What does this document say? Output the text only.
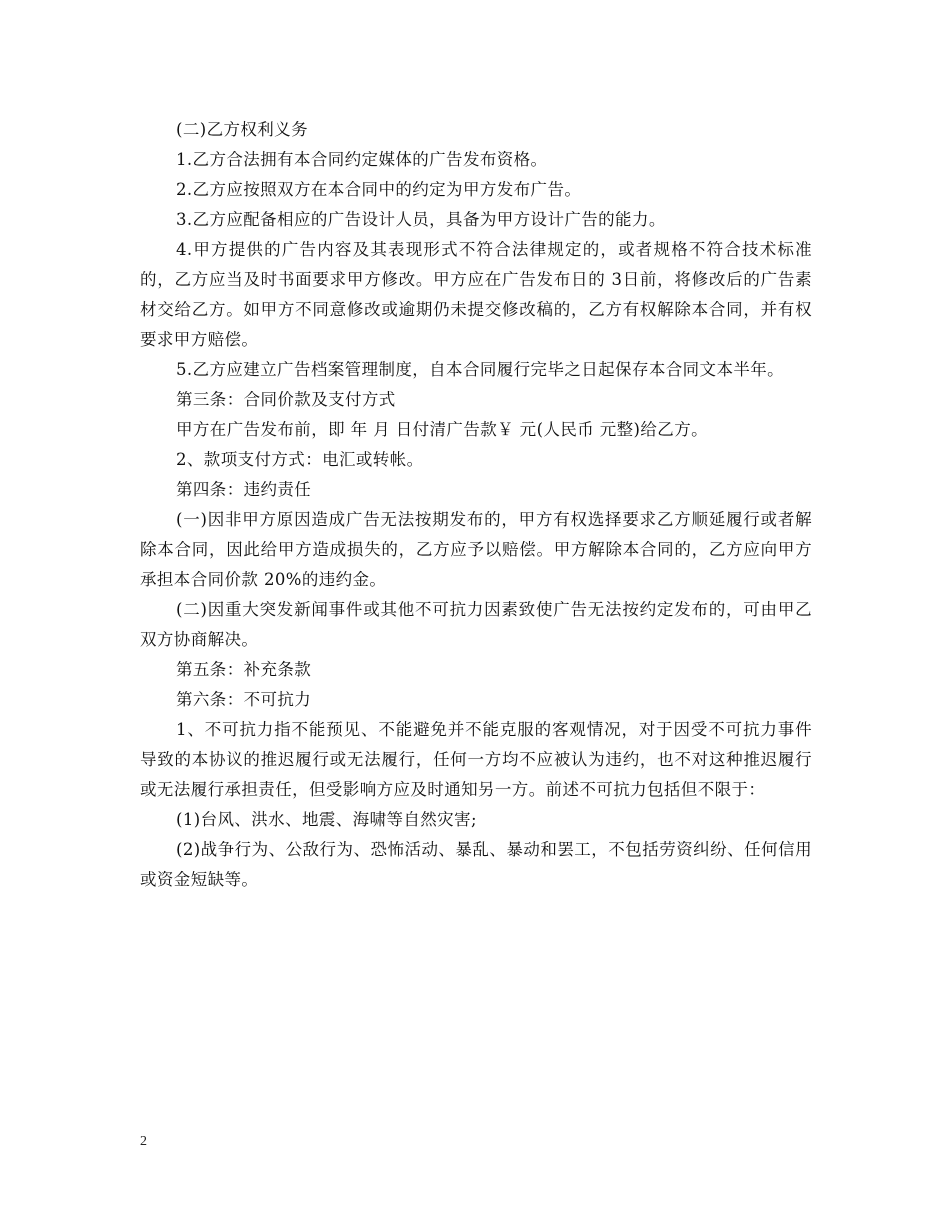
(二)乙方权利义务

1.乙方合法拥有本合同约定媒体的广告发布资格。

2.乙方应按照双方在本合同中的约定为甲方发布广告。

3.乙方应配备相应的广告设计人员，具备为甲方设计广告的能力。

4.甲方提供的广告内容及其表现形式不符合法律规定的，或者规格不符合技术标准的，乙方应当及时书面要求甲方修改。甲方应在广告发布日的 3日前，将修改后的广告素材交给乙方。如甲方不同意修改或逾期仍未提交修改稿的，乙方有权解除本合同，并有权要求甲方赔偿。

5.乙方应建立广告档案管理制度，自本合同履行完毕之日起保存本合同文本半年。

第三条：合同价款及支付方式

甲方在广告发布前，即 年 月 日付清广告款￥ 元(人民币 元整)给乙方。

2、款项支付方式：电汇或转帐。

第四条：违约责任

(一)因非甲方原因造成广告无法按期发布的，甲方有权选择要求乙方顺延履行或者解除本合同，因此给甲方造成损失的，乙方应予以赔偿。甲方解除本合同的，乙方应向甲方承担本合同价款 20%的违约金。

(二)因重大突发新闻事件或其他不可抗力因素致使广告无法按约定发布的，可由甲乙双方协商解决。

第五条：补充条款

第六条：不可抗力

1、不可抗力指不能预见、不能避免并不能克服的客观情况，对于因受不可抗力事件导致的本协议的推迟履行或无法履行，任何一方均不应被认为违约，也不对这种推迟履行或无法履行承担责任，但受影响方应及时通知另一方。前述不可抗力包括但不限于：

(1)台风、洪水、地震、海啸等自然灾害;

(2)战争行为、公敌行为、恐怖活动、暴乱、暴动和罢工，不包括劳资纠纷、任何信用或资金短缺等。

2
